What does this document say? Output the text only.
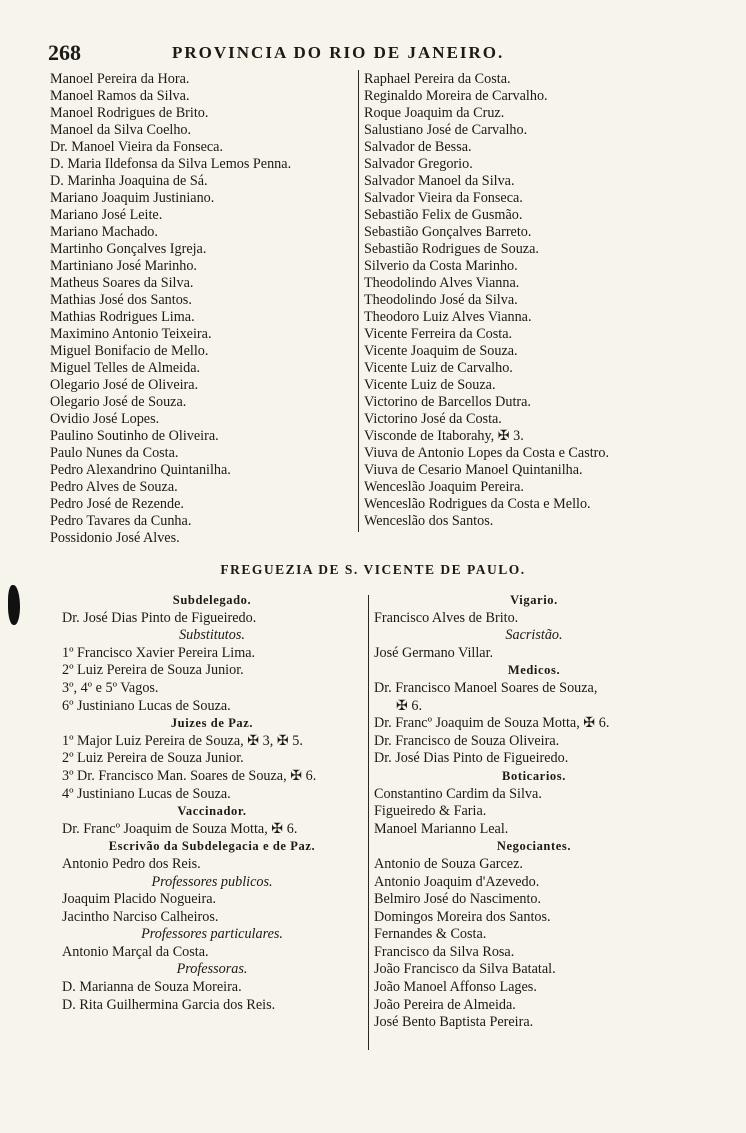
268	PROVINCIA DO RIO DE JANEIRO.
Manoel Pereira da Hora.
Manoel Ramos da Silva.
Manoel Rodrigues de Brito.
Manoel da Silva Coelho.
Dr. Manoel Vieira da Fonseca.
D. Maria Ildefonsa da Silva Lemos Penna.
D. Marinha Joaquina de Sá.
Mariano Joaquim Justiniano.
Mariano José Leite.
Mariano Machado.
Martinho Gonçalves Igreja.
Martiniano José Marinho.
Matheus Soares da Silva.
Mathias José dos Santos.
Mathias Rodrigues Lima.
Maximino Antonio Teixeira.
Miguel Bonifacio de Mello.
Miguel Telles de Almeida.
Olegario José de Oliveira.
Olegario José de Souza.
Ovidio José Lopes.
Paulino Soutinho de Oliveira.
Paulo Nunes da Costa.
Pedro Alexandrino Quintanilha.
Pedro Alves de Souza.
Pedro José de Rezende.
Pedro Tavares da Cunha.
Possidonio José Alves.
Raphael Pereira da Costa.
Reginaldo Moreira de Carvalho.
Roque Joaquim da Cruz.
Salustiano José de Carvalho.
Salvador de Bessa.
Salvador Gregorio.
Salvador Manoel da Silva.
Salvador Vieira da Fonseca.
Sebastião Felix de Gusmão.
Sebastião Gonçalves Barreto.
Sebastião Rodrigues de Souza.
Silverio da Costa Marinho.
Theodolindo Alves Vianna.
Theodolindo José da Silva.
Theodoro Luiz Alves Vianna.
Vicente Ferreira da Costa.
Vicente Joaquim de Souza.
Vicente Luiz de Carvalho.
Vicente Luiz de Souza.
Victorino de Barcellos Dutra.
Victorino José da Costa.
Visconde de Itaborahy, ✠ 3.
Viuva de Antonio Lopes da Costa e Castro.
Viuva de Cesario Manoel Quintanilha.
Wenceslão Joaquim Pereira.
Wenceslão Rodrigues da Costa e Mello.
Wenceslão dos Santos.
FREGUEZIA DE S. VICENTE DE PAULO.
Subdelegado.
Dr. José Dias Pinto de Figueiredo.
Substitutos.
1º Francisco Xavier Pereira Lima.
2º Luiz Pereira de Souza Junior.
3º, 4º e 5º Vagos.
6º Justiniano Lucas de Souza.
Juizes de Paz.
1º Major Luiz Pereira de Souza, ✠ 3, ✠ 5.
2º Luiz Pereira de Souza Junior.
3º Dr. Francisco Man. Soares de Souza, ✠ 6.
4º Justiniano Lucas de Souza.
Vaccinador.
Dr. Francº Joaquim de Souza Motta, ✠ 6.
Escrivão da Subdelegacia e de Paz.
Antonio Pedro dos Reis.
Professores publicos.
Joaquim Placido Nogueira.
Jacintho Narciso Calheiros.
Professores particulares.
Antonio Marçal da Costa.
Professoras.
D. Marianna de Souza Moreira.
D. Rita Guilhermina Garcia dos Reis.
Vigario.
Francisco Alves de Brito.
Sacristão.
José Germano Villar.
Medicos.
Dr. Francisco Manoel Soares de Souza,
✠ 6.
Dr. Francº Joaquim de Souza Motta, ✠ 6.
Dr. Francisco de Souza Oliveira.
Dr. José Dias Pinto de Figueiredo.
Boticarios.
Constantino Cardim da Silva.
Figueiredo & Faria.
Manoel Marianno Leal.
Negociantes.
Antonio de Souza Garcez.
Antonio Joaquim d'Azevedo.
Belmiro José do Nascimento.
Domingos Moreira dos Santos.
Fernandes & Costa.
Francisco da Silva Rosa.
João Francisco da Silva Batatal.
João Manoel Affonso Lages.
João Pereira de Almeida.
José Bento Baptista Pereira.
